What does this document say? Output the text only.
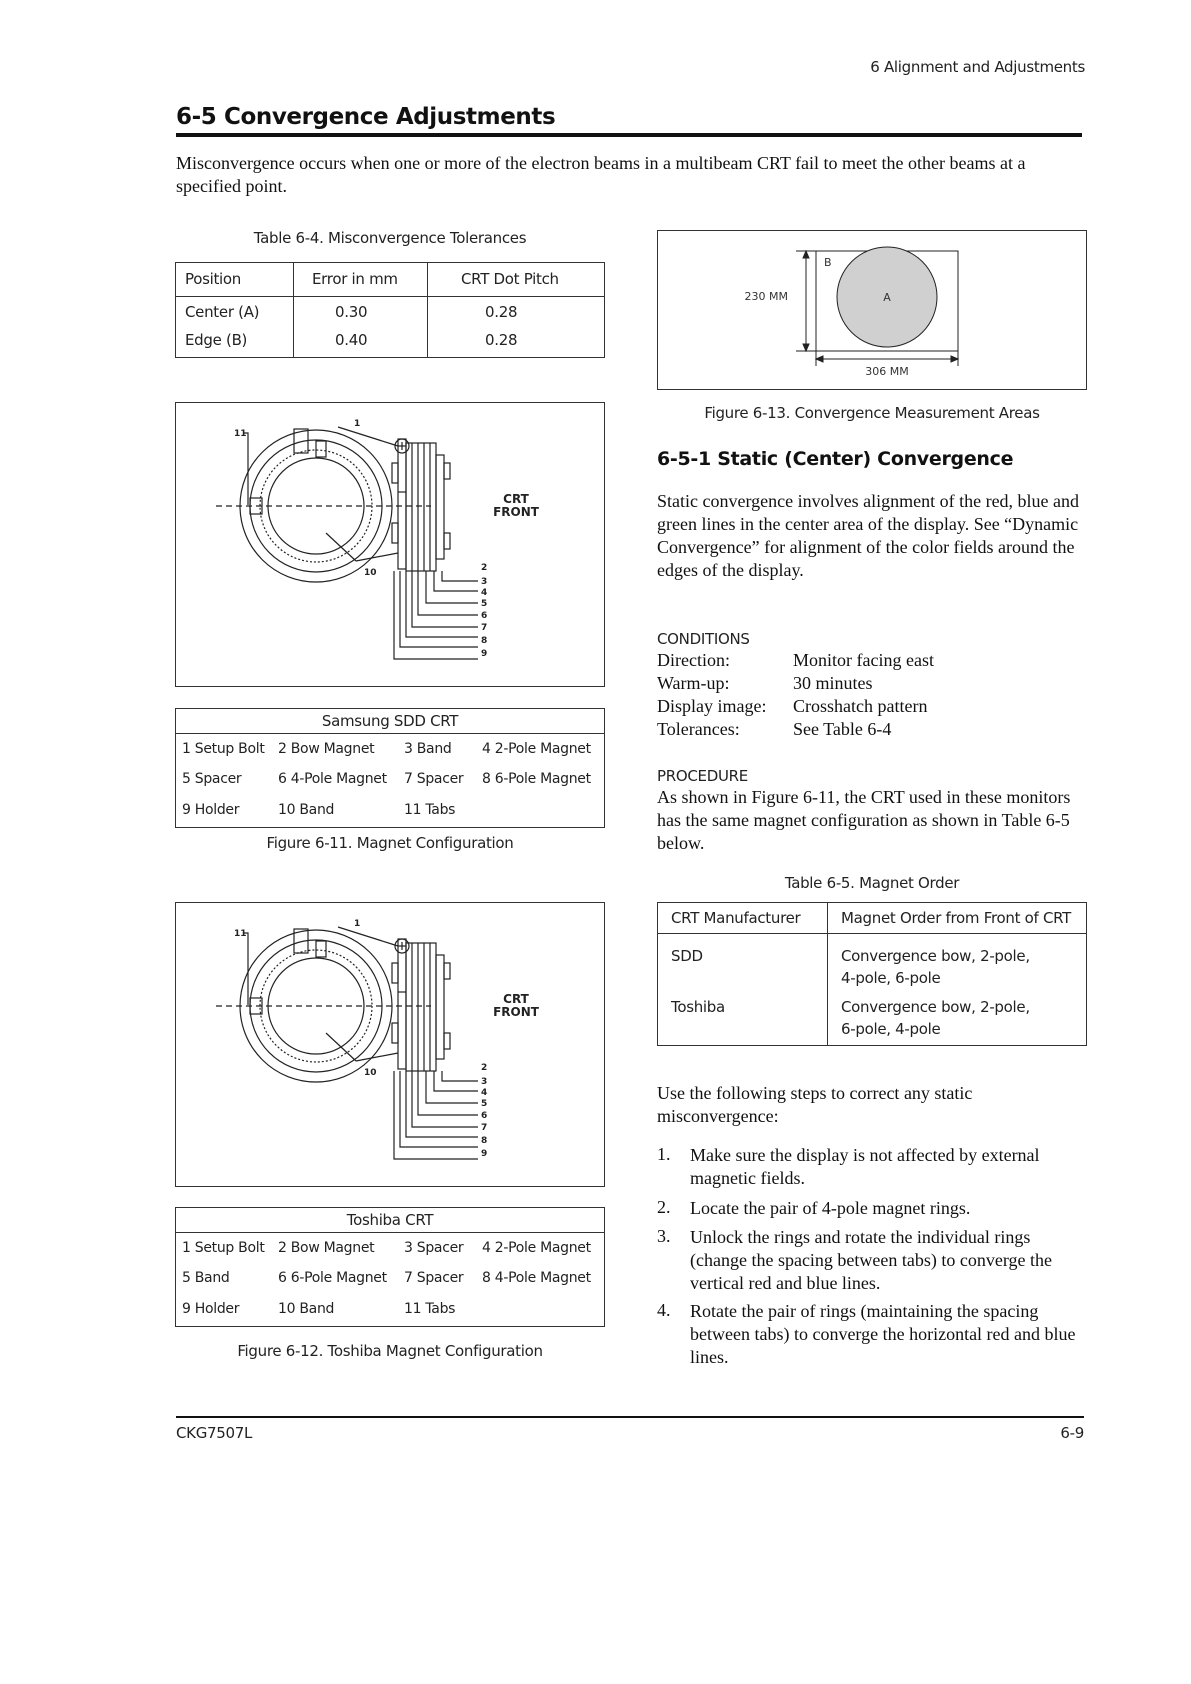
6 Alignment and Adjustments
6-5 Convergence Adjustments
Misconvergence occurs when one or more of the electron beams in a multibeam CRT fail to meet the other beams at a specified point.
Table 6-4. Misconvergence Tolerances
Position	Error in mm	CRT Dot Pitch
Center (A)	0.30	0.28
Edge (B)	0.40	0.28
1
11
10	2
3
4
5
6
7
8
9
CRT
FRONT
Samsung SDD CRT
1 Setup Bolt 2 Bow Magnet 3 Band 4 2-Pole Magnet
5 Spacer	6 4-Pole Magnet 7 Spacer 8 6-Pole Magnet
9 Holder	10 Band	11 Tabs
Figure 6-11. Magnet Configuration
1
11
10	2
3
4
5
6
7
8
9
CRT
FRONT
Toshiba CRT
1 Setup Bolt 2 Bow Magnet 3 Spacer 4 2-Pole Magnet
5 Band	6 6-Pole Magnet 7 Spacer 8 4-Pole Magnet
9 Holder	10 Band	11 Tabs
Figure 6-12. Toshiba Magnet Configuration
230 MM
306 MM
B
A
Figure 6-13. Convergence Measurement Areas
6-5-1 Static (Center) Convergence
Static convergence involves alignment of the red, blue and green lines in the center area of the display. See “Dynamic Convergence” for alignment of the color fields around the edges of the display.
CONDITIONS
Direction:	Monitor facing east
Warm-up:	30 minutes
Display image: Crosshatch pattern
Tolerances:	See Table 6-4
PROCEDURE
As shown in Figure 6-11, the CRT used in these monitors has the same magnet configuration as shown in Table 6-5 below.
Table 6-5. Magnet Order
CRT Manufacturer	Magnet Order from Front of CRT
SDD	Convergence bow, 2-pole,
4-pole, 6-pole
Toshiba	Convergence bow, 2-pole,
6-pole, 4-pole
Use the following steps to correct any static misconvergence:
1. Make sure the display is not affected by external magnetic fields.
2. Locate the pair of 4-pole magnet rings.
3. Unlock the rings and rotate the individual rings (change the spacing between tabs) to converge the vertical red and blue lines.
4. Rotate the pair of rings (maintaining the spacing between tabs) to converge the horizontal red and blue lines.
CKG7507L	6-9
